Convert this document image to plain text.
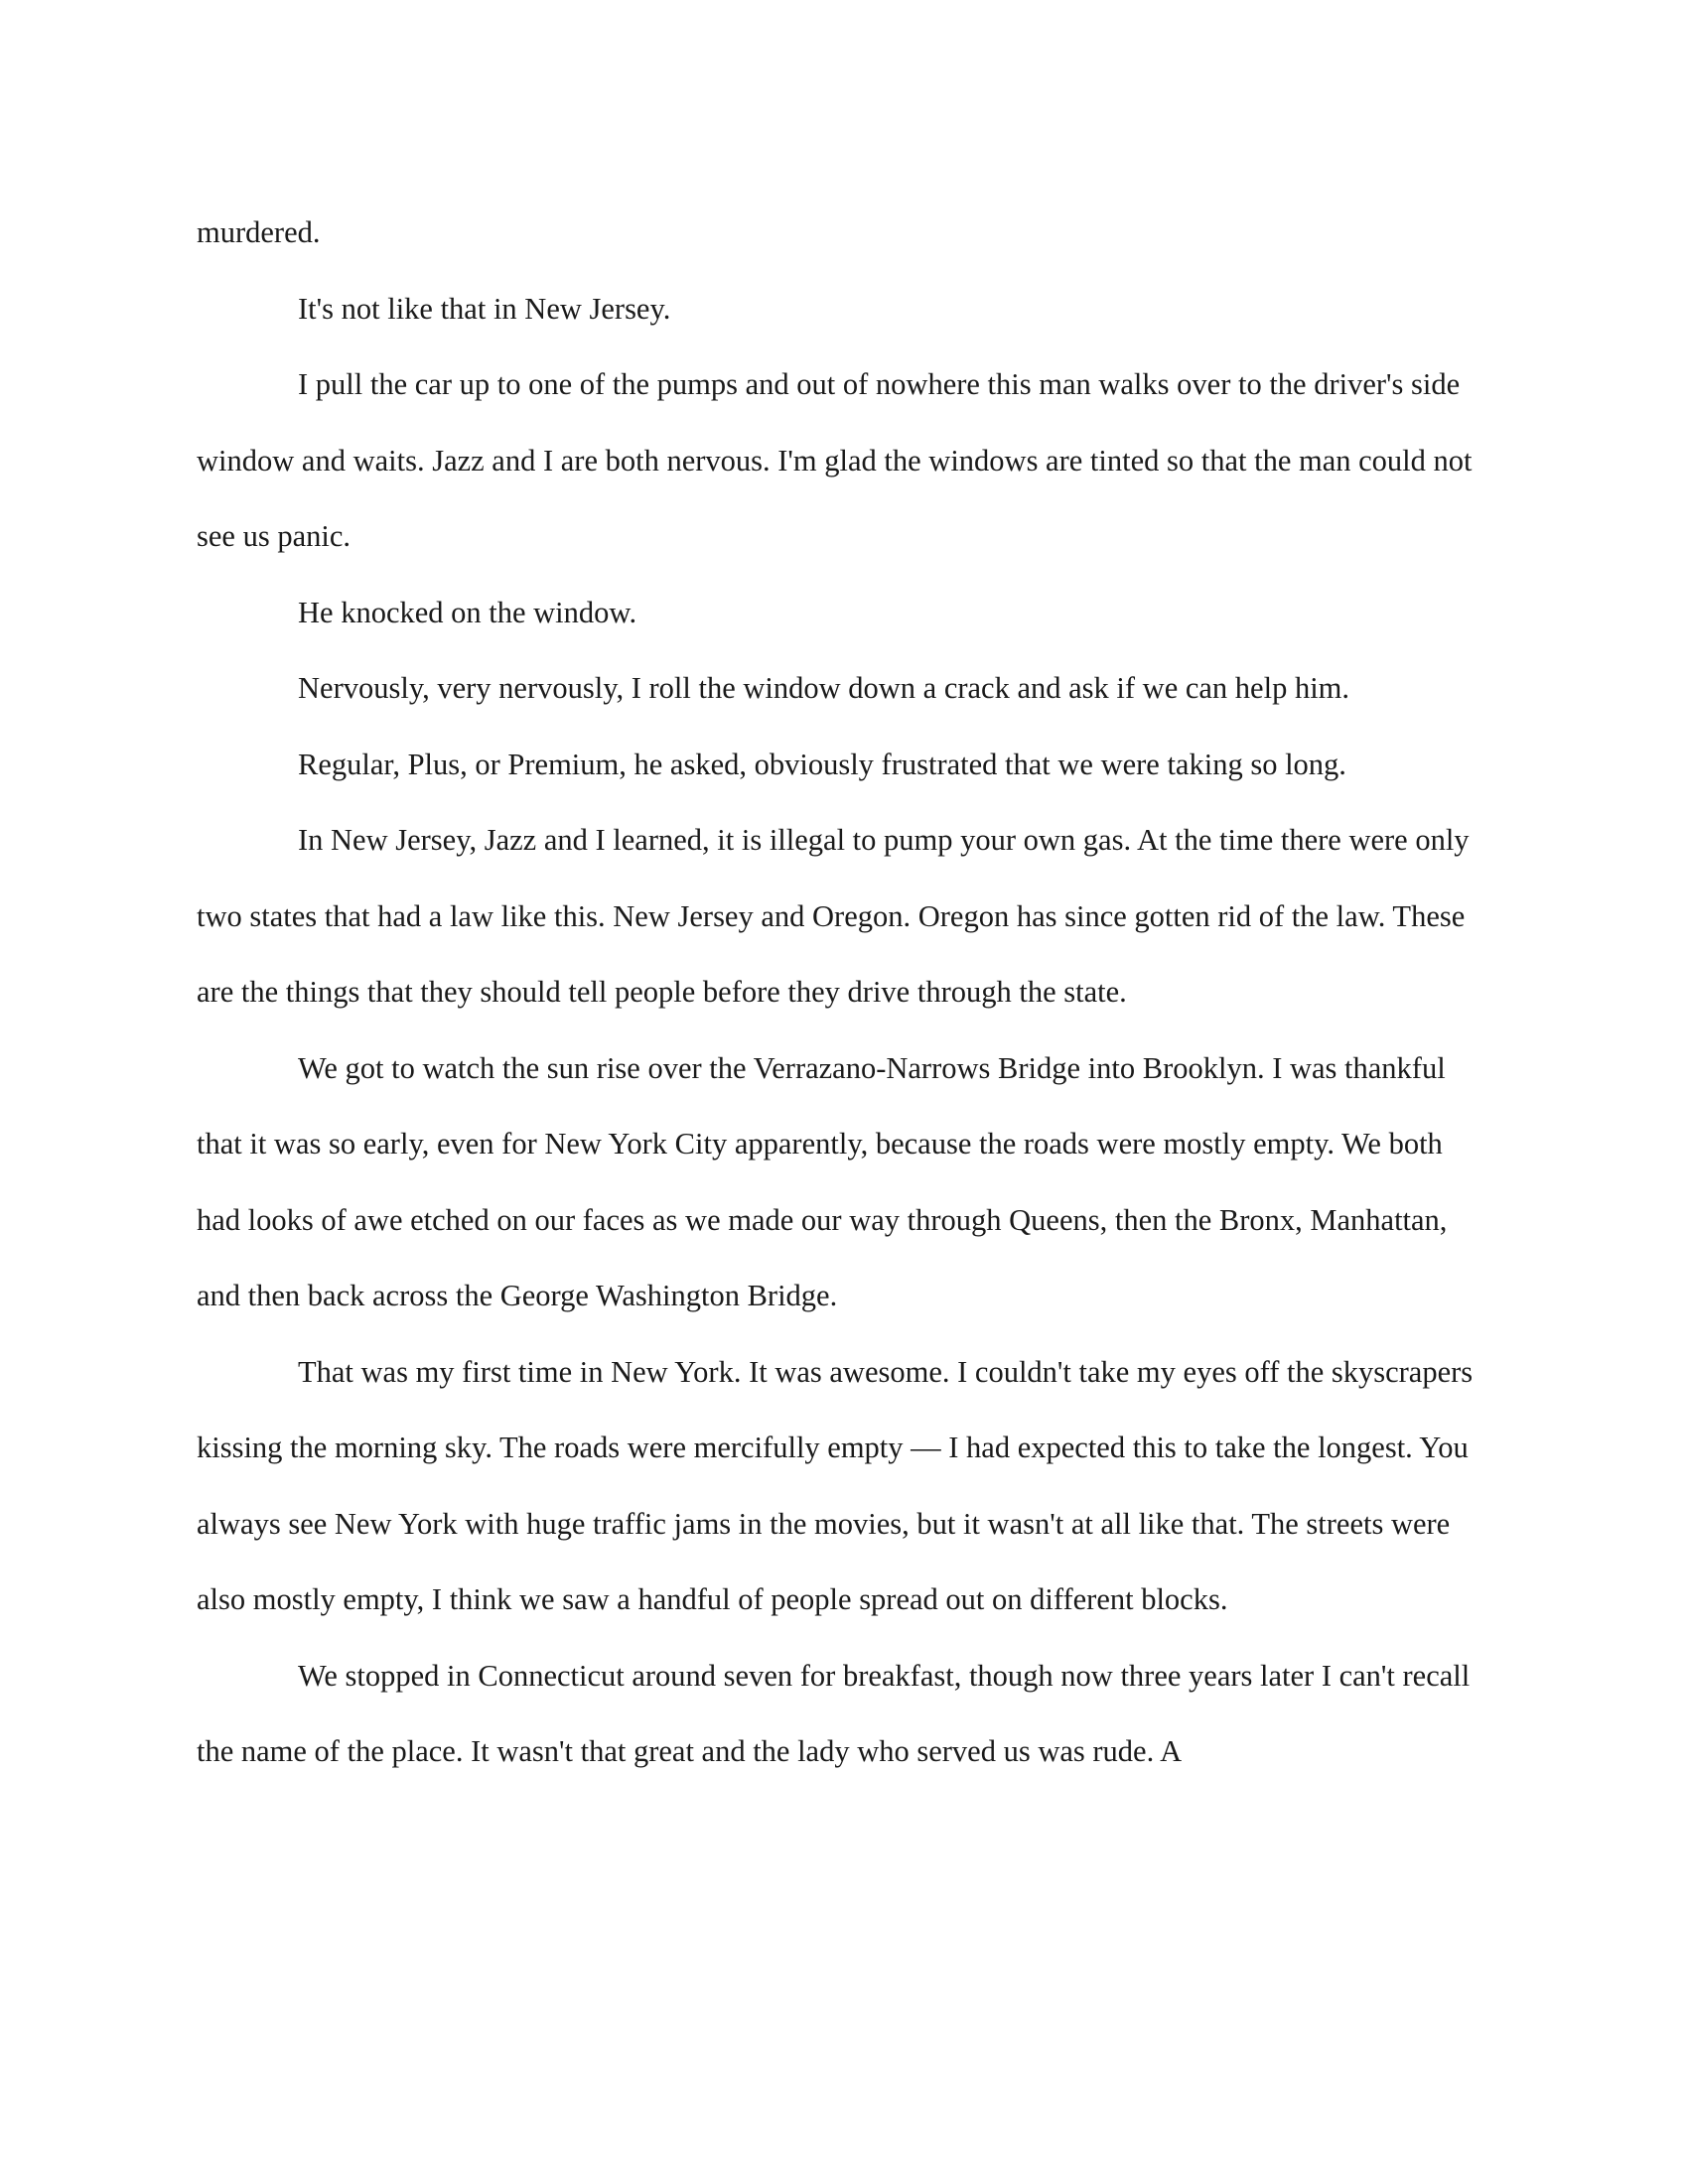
murdered.

It's not like that in New Jersey.

I pull the car up to one of the pumps and out of nowhere this man walks over to the driver's side window and waits. Jazz and I are both nervous. I'm glad the windows are tinted so that the man could not see us panic.

He knocked on the window.

Nervously, very nervously, I roll the window down a crack and ask if we can help him.

Regular, Plus, or Premium, he asked, obviously frustrated that we were taking so long.

In New Jersey, Jazz and I learned, it is illegal to pump your own gas. At the time there were only two states that had a law like this. New Jersey and Oregon. Oregon has since gotten rid of the law. These are the things that they should tell people before they drive through the state.

We got to watch the sun rise over the Verrazano-Narrows Bridge into Brooklyn. I was thankful that it was so early, even for New York City apparently, because the roads were mostly empty. We both had looks of awe etched on our faces as we made our way through Queens, then the Bronx, Manhattan, and then back across the George Washington Bridge.

That was my first time in New York. It was awesome. I couldn't take my eyes off the skyscrapers kissing the morning sky. The roads were mercifully empty — I had expected this to take the longest. You always see New York with huge traffic jams in the movies, but it wasn't at all like that. The streets were also mostly empty, I think we saw a handful of people spread out on different blocks.

We stopped in Connecticut around seven for breakfast, though now three years later I can't recall the name of the place. It wasn't that great and the lady who served us was rude. A
